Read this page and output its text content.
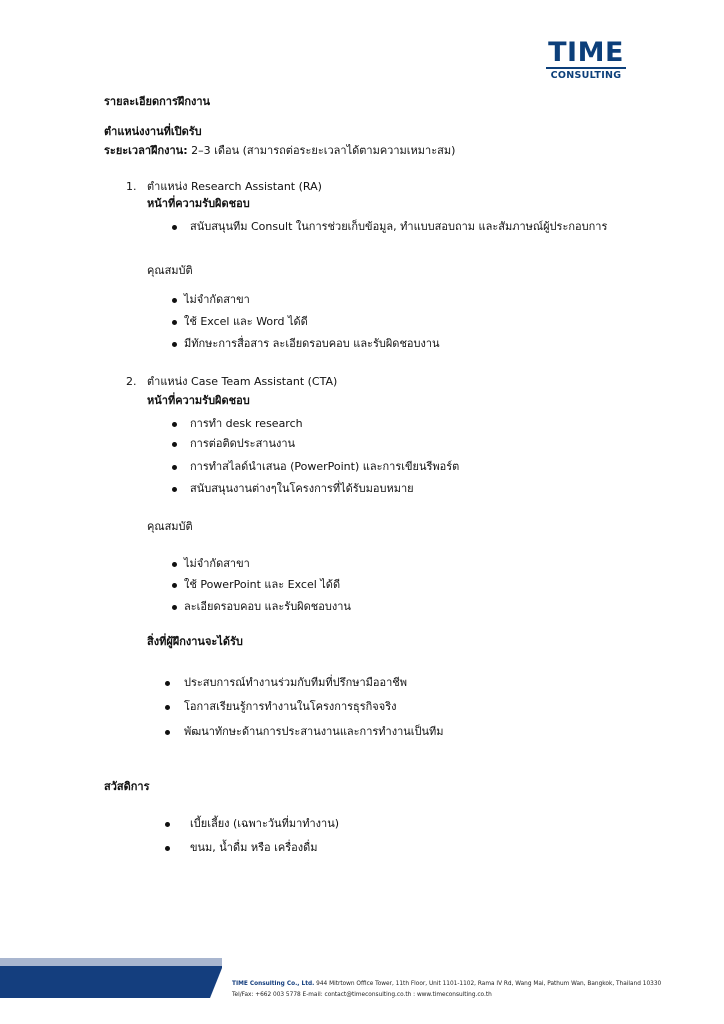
TIME
CONSULTING
รายละเอียดการฝึกงาน
ตำแหน่งงานที่เปิดรับ
ระยะเวลาฝึกงาน: 2–3 เดือน (สามารถต่อระยะเวลาได้ตามความเหมาะสม)
1. ตำแหน่ง Research Assistant (RA)
หน้าที่ความรับผิดชอบ
สนับสนุนทีม Consult ในการช่วยเก็บข้อมูล, ทำแบบสอบถาม และสัมภาษณ์ผู้ประกอบการ
คุณสมบัติ
ไม่จำกัดสาขา
ใช้ Excel และ Word ได้ดี
มีทักษะการสื่อสาร ละเอียดรอบคอบ และรับผิดชอบงาน
2. ตำแหน่ง Case Team Assistant (CTA)
หน้าที่ความรับผิดชอบ
การทำ desk research
การต่อติดประสานงาน
การทำสไลด์นำเสนอ (PowerPoint) และการเขียนรีพอร์ต
สนับสนุนงานต่างๆในโครงการที่ได้รับมอบหมาย
คุณสมบัติ
ไม่จำกัดสาขา
ใช้ PowerPoint และ Excel ได้ดี
ละเอียดรอบคอบ และรับผิดชอบงาน
สิ่งที่ผู้ฝึกงานจะได้รับ
ประสบการณ์ทำงานร่วมกับทีมที่ปรึกษามืออาชีพ
โอกาสเรียนรู้การทำงานในโครงการธุรกิจจริง
พัฒนาทักษะด้านการประสานงานและการทำงานเป็นทีม
สวัสดิการ
เบี้ยเลี้ยง (เฉพาะวันที่มาทำงาน)
ขนม, น้ำดื่ม หรือ เครื่องดื่ม
TIME Consulting Co., Ltd. 944 Mitrtown Office Tower, 11th Floor, Unit 1101-1102, Rama IV Rd, Wang Mai, Pathum Wan, Bangkok, Thailand 10330
Tel/Fax: +662 003 5778 E-mail: contact@timeconsulting.co.th : www.timeconsulting.co.th
